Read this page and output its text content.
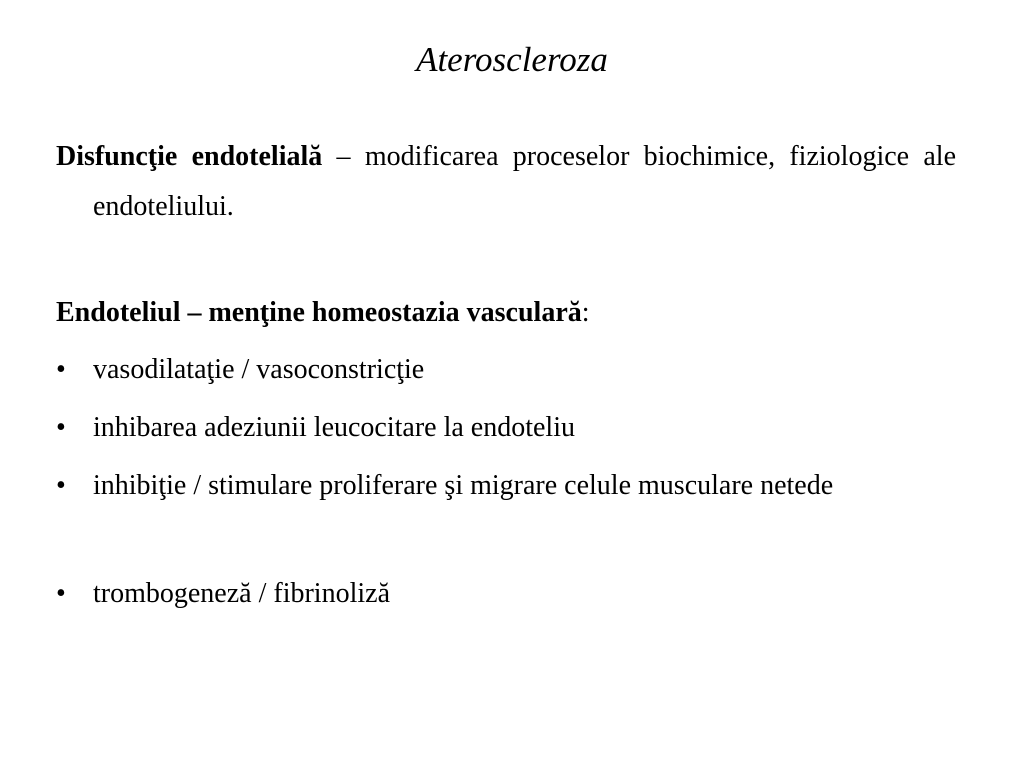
Ateroscleroza
Disfuncţie endotelială – modificarea proceselor biochimice, fiziologice ale endoteliului.
Endoteliul – menţine homeostazia vasculară:
• vasodilataţie / vasoconstricţie
• inhibarea adeziunii leucocitare la endoteliu
• inhibiţie / stimulare proliferare şi migrare celule musculare netede
• trombogeneză / fibrinoliză
